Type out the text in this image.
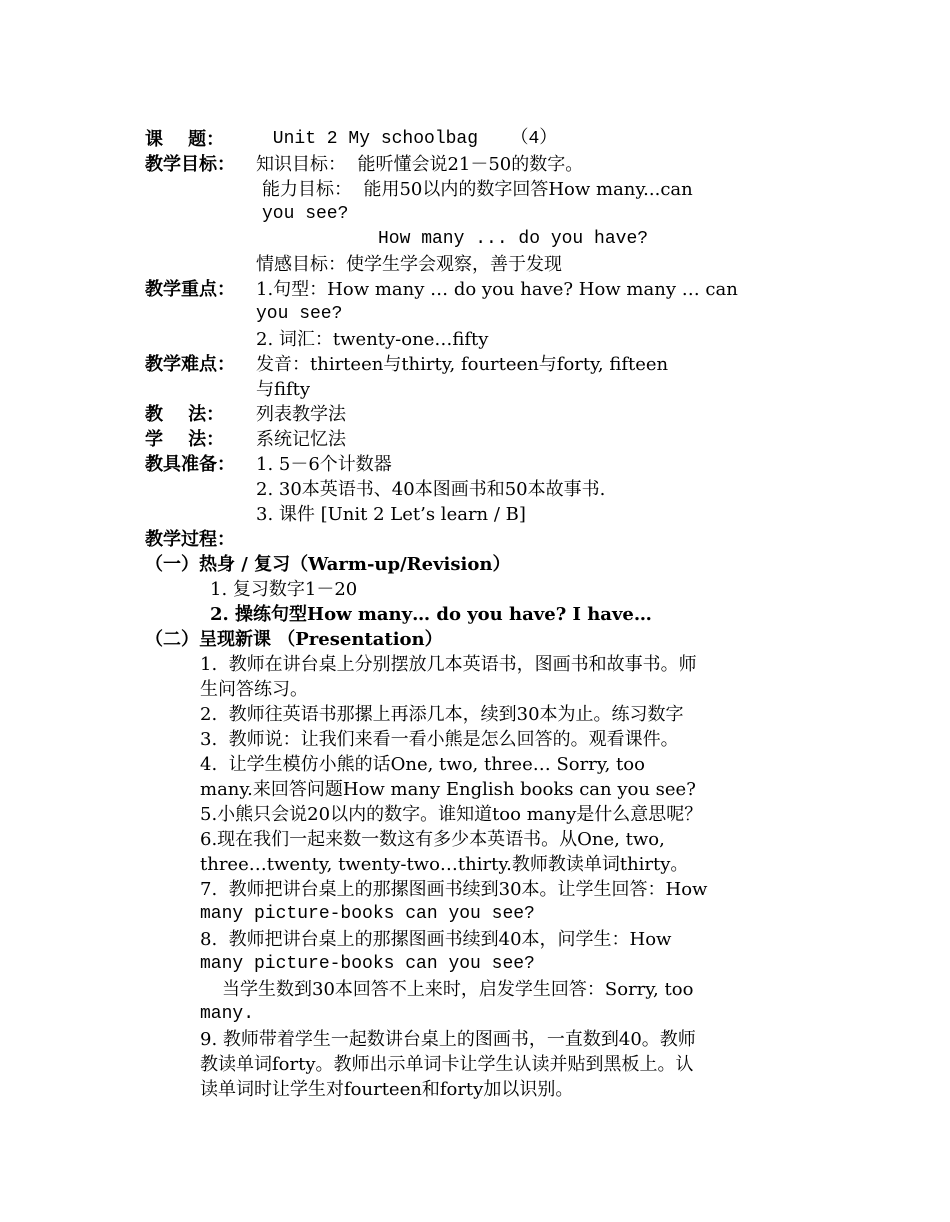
课    题： Unit 2 My schoolbag   （4）
教学目标： 知识目标：  能听懂会说21－50的数字。
能力目标：  能用50以内的数字回答How many...can
you see?
How many ... do you have?
情感目标：使学生学会观察，善于发现
教学重点： 1.句型：How many … do you have? How many … can
you see?
2. 词汇：twenty-one…fifty
教学难点： 发音：thirteen与thirty, fourteen与forty, fifteen
与fifty
教    法： 列表教学法
学    法： 系统记忆法
教具准备： 1. 5－6个计数器
2. 30本英语书、40本图画书和50本故事书.
3. 课件 [Unit 2 Let’s learn / B]
教学过程：
（一）热身 / 复习（Warm-up/Revision）
1. 复习数字1－20
2. 操练句型How many… do you have? I have…
（二）呈现新课 （Presentation）
1.  教师在讲台桌上分别摆放几本英语书，图画书和故事书。师
生问答练习。
2.  教师往英语书那摞上再添几本，续到30本为止。练习数字
3.  教师说：让我们来看一看小熊是怎么回答的。观看课件。
4.  让学生模仿小熊的话One, two, three… Sorry, too
many.来回答问题How many English books can you see?
5.小熊只会说20以内的数字。谁知道too many是什么意思呢？
6.现在我们一起来数一数这有多少本英语书。从One, two,
three…twenty, twenty-two…thirty.教师教读单词thirty。
7.  教师把讲台桌上的那摞图画书续到30本。让学生回答：How
many picture-books can you see?
8.  教师把讲台桌上的那摞图画书续到40本，问学生：How
many picture-books can you see?
当学生数到30本回答不上来时，启发学生回答：Sorry, too
many.
9. 教师带着学生一起数讲台桌上的图画书，一直数到40。教师
教读单词forty。教师出示单词卡让学生认读并贴到黑板上。认
读单词时让学生对fourteen和forty加以识别。
